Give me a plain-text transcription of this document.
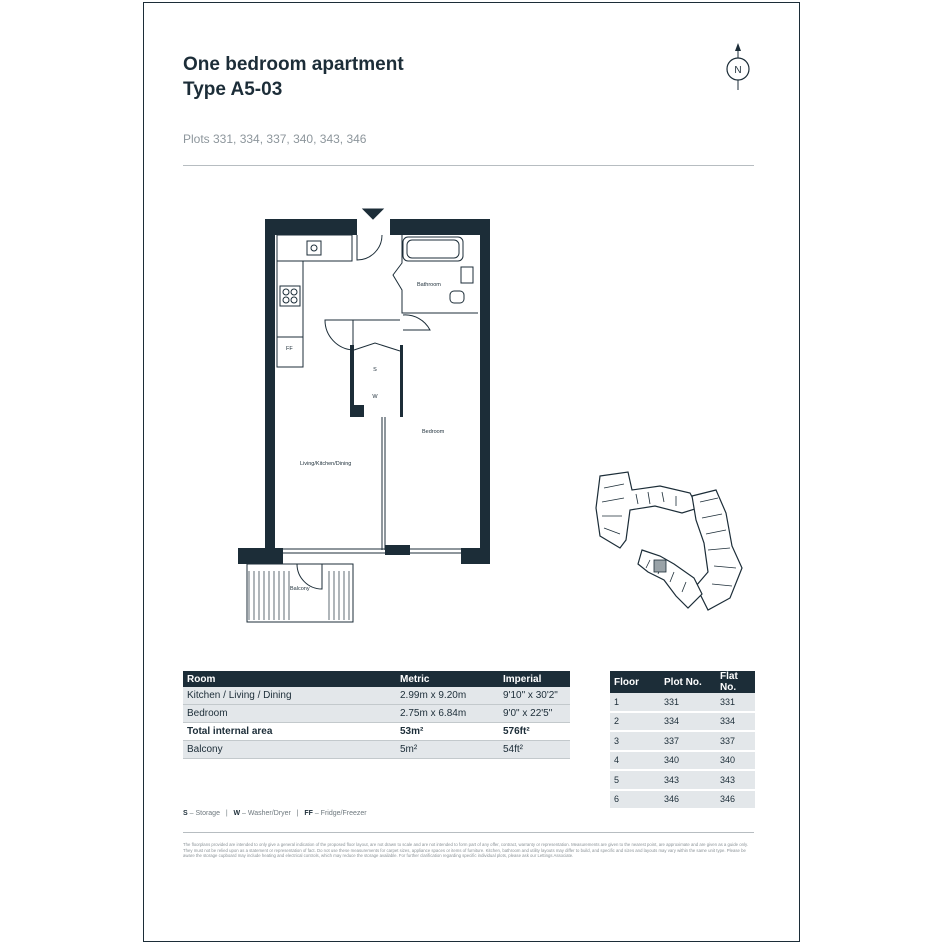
One bedroom apartment
Type A5-03
Plots 331, 334, 337, 340, 343, 346
N
Bathroom
Living/Kitchen/Dining
Bedroom
Balcony
S
W
FF
Room	Metric	Imperial
Kitchen / Living / Dining	2.99m x 9.20m	9'10" x 30'2"
Bedroom	2.75m x 6.84m	9'0" x 22'5"
Total internal area	53m²	576ft²
Balcony	5m²	54ft²
Floor	Plot No.	Flat No.
1	331	331
2	334	334
3	337	337
4	340	340
5	343	343
6	346	346
S – Storage | W – Washer/Dryer | FF – Fridge/Freezer
The floorplans provided are intended to only give a general indication of the proposed floor layout, are not drawn to scale and are not intended to form part of any offer, contract, warranty or representation. Measurements are given to the nearest point, are approximate and are given as a guide only. They must not be relied upon as a statement or representation of fact. Do not use these measurements for carpet sizes, appliance spaces or items of furniture. Kitchen, bathroom and utility layouts may differ to build, and specific and sizes and layouts may vary within the same unit type. Please be aware the storage cupboard may include heating and electrical controls, which may reduce the storage available. For further clarification regarding specific individual plots, please ask our Lettings Associate.
